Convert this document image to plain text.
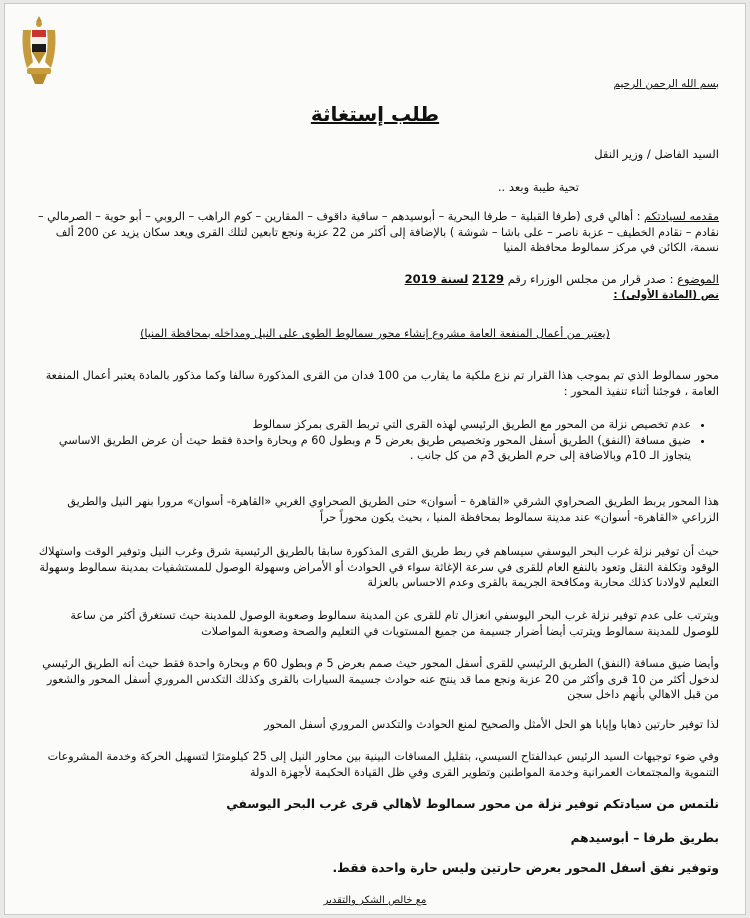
بسم الله الرحمن الرحيم
طلب إستغاثة
السيد الفاضل / وزير النقل
تحية طيبة وبعد ..
مقدمه لسيادتكم : أهالي قرى (طرفا القبلية – طرفا البحرية – أبوسيدهم – ساقية داقوف – المقارين – كوم الراهب – الروبي – أبو حوية – الصرمالي – نقادم – نقادم الخطيف – عزبة ناصر – على باشا – شوشة ) بالإضافة إلى أكثر من 22 عزبة ونجع تابعين لتلك القرى ويعد سكان يزيد عن 200 ألف نسمة، الكائن في مركز سمالوط محافظة المنيا
الموضوع : صدر قرار من مجلس الوزراء رقم 2129 لسنة 2019
نص (المادة الأولى) :
(يعتبر من أعمال المنفعة العامة مشروع إنشاء محور سمالوط الطوى على النيل ومداخله بمحافظة المنيا)
محور سمالوط الذي تم بموجب هذا القرار تم نزع ملكية ما يقارب من 100 فدان من القرى المذكورة سالفا وكما مذكور بالمادة يعتبر أعمال المنفعة العامة ، فوجئنا أثناء تنفيذ المحور :
• عدم تخصيص نزلة من المحور مع الطريق الرئيسي لهذه القرى التي تربط القرى بمركز سمالوط
• ضيق مسافة (النفق) الطريق أسفل المحور وتخصيص طريق بعرض 5 م وبطول 60 م وبحارة واحدة فقط حيث أن عرض الطريق الاساسي يتجاوز الـ 10م وبالاضافة إلى حرم الطريق 3م من كل جانب .
هذا المحور يربط الطريق الصحراوي الشرقي «القاهرة – أسوان» حتى الطريق الصحراوي الغربي «القاهرة- أسوان» مرورا بنهر النيل والطريق الزراعي «القاهرة- أسوان» عند مدينة سمالوط بمحافظة المنيا ، بحيث يكون محوراً حراً
حيث أن توفير نزلة غرب البحر اليوسفي سيساهم في ربط طريق القرى المذكورة سابقا بالطريق الرئيسية شرق وغرب النيل وتوفير الوقت واستهلاك الوقود وتكلفة النقل وتعود بالنفع العام للقرى في سرعة الإغاثة سواء في الحوادث أو الأمراض وسهولة الوصول للمستشفيات بمدينة سمالوط وسهولة التعليم لاولادنا كذلك محاربة ومكافحة الجريمة بالقرى وعدم الاحساس بالعزلة
ويترتب على عدم توفير نزلة غرب البحر اليوسفي انعزال تام للقرى عن المدينة سمالوط وصعوبة الوصول للمدينة حيث تستغرق أكثر من ساعة للوصول للمدينة سمالوط ويترتب أيضا أضرار جسيمة من جميع المستويات في التعليم والصحة وصعوبة المواصلات
وأيضا ضيق مسافة (النفق) الطريق الرئيسي للقرى أسفل المحور حيث صمم بعرض 5 م وبطول 60 م وبحارة واحدة فقط حيث أنه الطريق الرئيسي لدخول أكثر من 10 قرى وأكثر من 20 عزبة ونجع مما قد ينتج عنه حوادث جسيمة السيارات بالقرى وكذلك التكدس المروري أسفل المحور والشعور من قبل الاهالي بأنهم داخل سجن
لذا توفير حارتين ذهابا وإيابا هو الحل الأمثل والصحيح لمنع الحوادث والتكدس المروري أسفل المحور
وفي ضوء توجيهات السيد الرئيس عبدالفتاح السيسي، بتقليل المسافات البينية بين محاور النيل إلى 25 كيلومترًا لتسهيل الحركة وخدمة المشروعات التنموية والمجتمعات العمرانية وخدمة المواطنين وتطوير القرى وفي ظل القيادة الحكيمة لأجهزة الدولة
نلتمس من سيادتكم توفير نزلة من محور سمالوط لأهالي قرى غرب البحر اليوسفي
بطريق طرفا – أبوسيدهم
وتوفير نفق أسفل المحور بعرض حارتين وليس حارة واحدة فقط.
مع خالص الشكر والتقدير
